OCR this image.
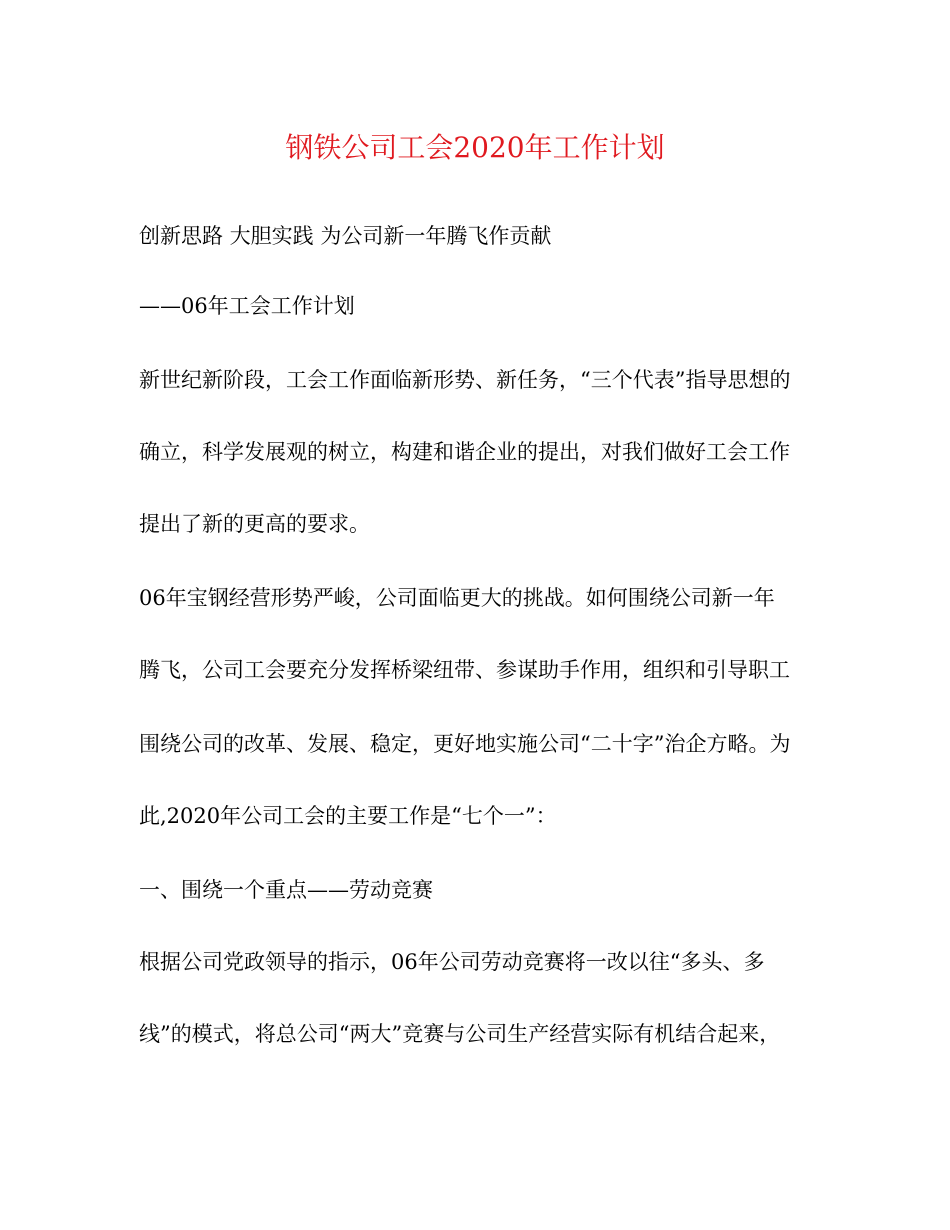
钢铁公司工会2020年工作计划
创新思路 大胆实践 为公司新一年腾飞作贡献
——06年工会工作计划
新世纪新阶段，工会工作面临新形势、新任务，“三个代表”指导思想的
确立，科学发展观的树立，构建和谐企业的提出，对我们做好工会工作
提出了新的更高的要求。
06年宝钢经营形势严峻，公司面临更大的挑战。如何围绕公司新一年
腾飞，公司工会要充分发挥桥梁纽带、参谋助手作用，组织和引导职工
围绕公司的改革、发展、稳定，更好地实施公司“二十字”治企方略。为
此,2020年公司工会的主要工作是“七个一”：
一、围绕一个重点——劳动竞赛
根据公司党政领导的指示，06年公司劳动竞赛将一改以往“多头、多
线”的模式，将总公司“两大”竞赛与公司生产经营实际有机结合起来，
